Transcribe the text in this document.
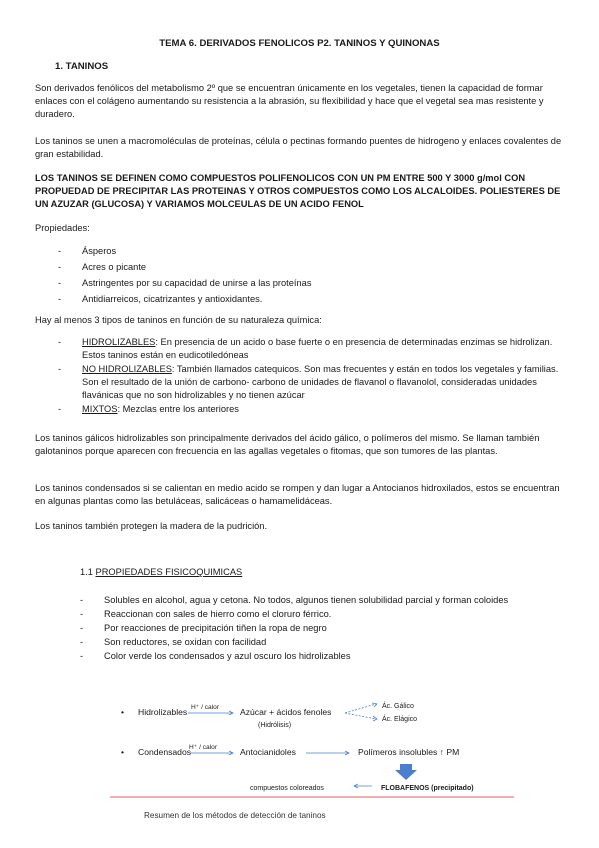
TEMA 6. DERIVADOS FENOLICOS P2. TANINOS Y QUINONAS
1. TANINOS
Son derivados fenólicos del metabolismo 2º que se encuentran únicamente en los vegetales, tienen la capacidad de formar enlaces con el colágeno aumentando su resistencia a la abrasión, su flexibilidad y hace que el vegetal sea mas resistente y duradero.
Los taninos se unen a macromoléculas de proteínas, célula o pectinas formando puentes de hidrogeno y enlaces covalentes de gran estabilidad.
LOS TANINOS SE DEFINEN COMO COMPUESTOS POLIFENOLICOS CON UN PM ENTRE 500 Y 3000 g/mol CON PROPUEDAD DE PRECIPITAR LAS PROTEINAS Y OTROS COMPUESTOS COMO LOS ALCALOIDES. POLIESTERES DE UN AZUZAR (GLUCOSA) Y VARIAMOS MOLCEULAS DE UN ACIDO FENOL
Propiedades:
- Ásperos
- Acres o picante
- Astringentes por su capacidad de unirse a las proteínas
- Antidiarreicos, cicatrizantes y antioxidantes.
Hay al menos 3 tipos de taninos en función de su naturaleza química:
- HIDROLIZABLES: En presencia de un acido o base fuerte o en presencia de determinadas enzimas se hidrolizan. Estos taninos están en eudicotiledóneas
- NO HIDROLIZABLES: También llamados catequicos. Son mas frecuentes y están en todos los vegetales y familias. Son el resultado de la unión de carbono- carbono de unidades de flavanol o flavanolol, consideradas unidades flavánicas que no son hidrolizables y no tienen azúcar
- MIXTOS: Mezclas entre los anteriores
Los taninos gálicos hidrolizables son principalmente derivados del ácido gálico, o polímeros del mismo. Se llaman también galotaninos porque aparecen con frecuencia en las agallas vegetales o fitomas, que son tumores de las plantas.
Los taninos condensados si se calientan en medio acido se rompen y dan lugar a Antocianos hidroxilados, estos se encuentran en algunas plantas como las betuláceas, salicáceas o hamamelidáceas.
Los taninos también protegen la madera de la pudrición.
1.1 PROPIEDADES FISICOQUIMICAS
- Solubles en alcohol, agua y cetona. No todos, algunos tienen solubilidad parcial y forman coloides
- Reaccionan con sales de hierro como el cloruro férrico.
- Por reacciones de precipitación tiñen la ropa de negro
- Son reductores, se oxidan con facilidad
- Color verde los condensados y azul oscuro los hidrolizables
• Hidrolizables H⁺ / calor Azúcar + ácidos fenoles
(Hidrólisis)
Ác. Gálico
Ác. Elágico
• Condensados
H⁺ / calor	Antocianidoles	Polímeros insolubles ↑ PM
compuestos coloreados	FLOBAFENOS (precipitado)
Resumen de los métodos de detección de taninos
